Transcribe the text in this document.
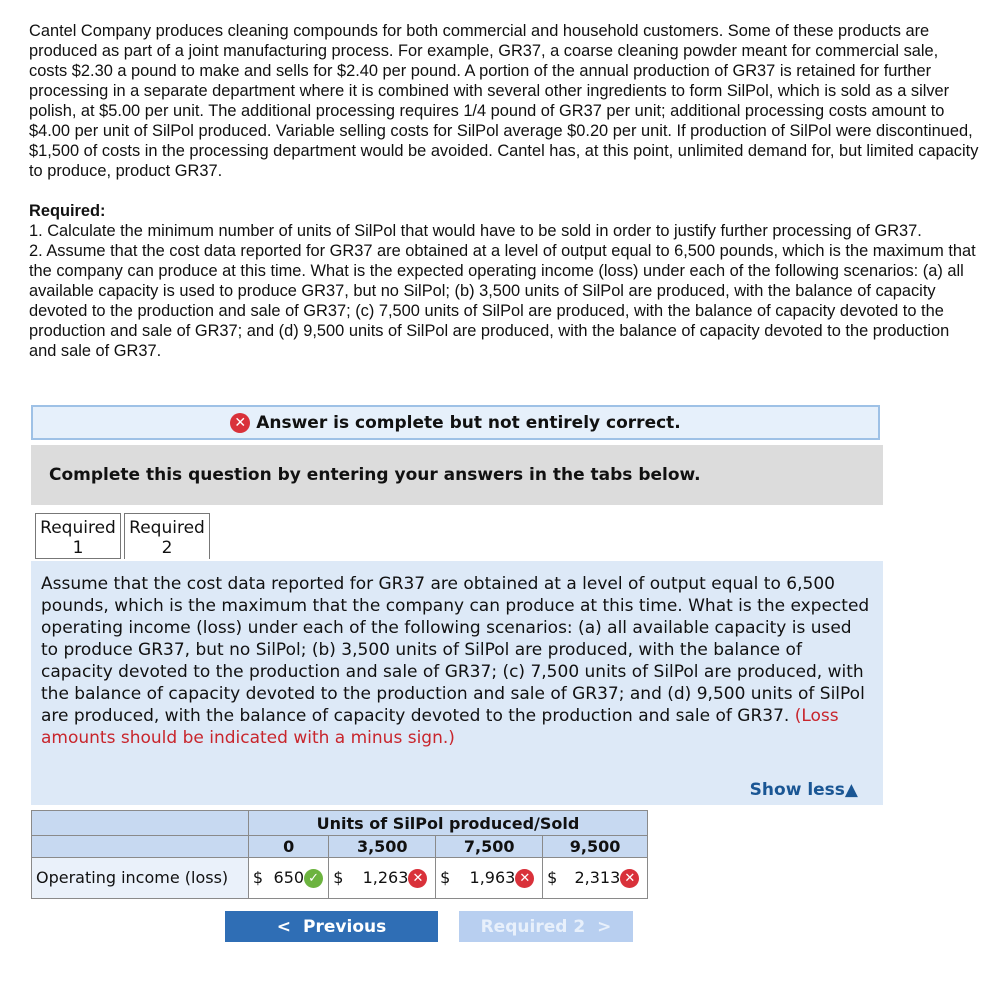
Cantel Company produces cleaning compounds for both commercial and household customers. Some of these products are produced as part of a joint manufacturing process. For example, GR37, a coarse cleaning powder meant for commercial sale, costs $2.30 a pound to make and sells for $2.40 per pound. A portion of the annual production of GR37 is retained for further processing in a separate department where it is combined with several other ingredients to form SilPol, which is sold as a silver polish, at $5.00 per unit. The additional processing requires 1/4 pound of GR37 per unit; additional processing costs amount to $4.00 per unit of SilPol produced. Variable selling costs for SilPol average $0.20 per unit. If production of SilPol were discontinued, $1,500 of costs in the processing department would be avoided. Cantel has, at this point, unlimited demand for, but limited capacity to produce, product GR37.

Required:

1. Calculate the minimum number of units of SilPol that would have to be sold in order to justify further processing of GR37.

2. Assume that the cost data reported for GR37 are obtained at a level of output equal to 6,500 pounds, which is the maximum that the company can produce at this time. What is the expected operating income (loss) under each of the following scenarios: (a) all available capacity is used to produce GR37, but no SilPol; (b) 3,500 units of SilPol are produced, with the balance of capacity devoted to the production and sale of GR37; (c) 7,500 units of SilPol are produced, with the balance of capacity devoted to the production and sale of GR37; and (d) 9,500 units of SilPol are produced, with the balance of capacity devoted to the production and sale of GR37.

✕ Answer is complete but not entirely correct.
Complete this question by entering your answers in the tabs below.
Required
1
Required
2
Assume that the cost data reported for GR37 are obtained at a level of output equal to 6,500 pounds, which is the maximum that the company can produce at this time. What is the expected operating income (loss) under each of the following scenarios: (a) all available capacity is used to produce GR37, but no SilPol; (b) 3,500 units of SilPol are produced, with the balance of capacity devoted to the production and sale of GR37; (c) 7,500 units of SilPol are produced, with the balance of capacity devoted to the production and sale of GR37; and (d) 9,500 units of SilPol are produced, with the balance of capacity devoted to the production and sale of GR37. (Loss amounts should be indicated with a minus sign.)
Show less▲
	Units of SilPol produced/Sold			
	0	3,500	7,500	9,500
Operating income (loss)	$ 650 ✓	$ 1,263 ✕	$ 1,963 ✕	$ 2,313 ✕
< Previous	Required 2 >
